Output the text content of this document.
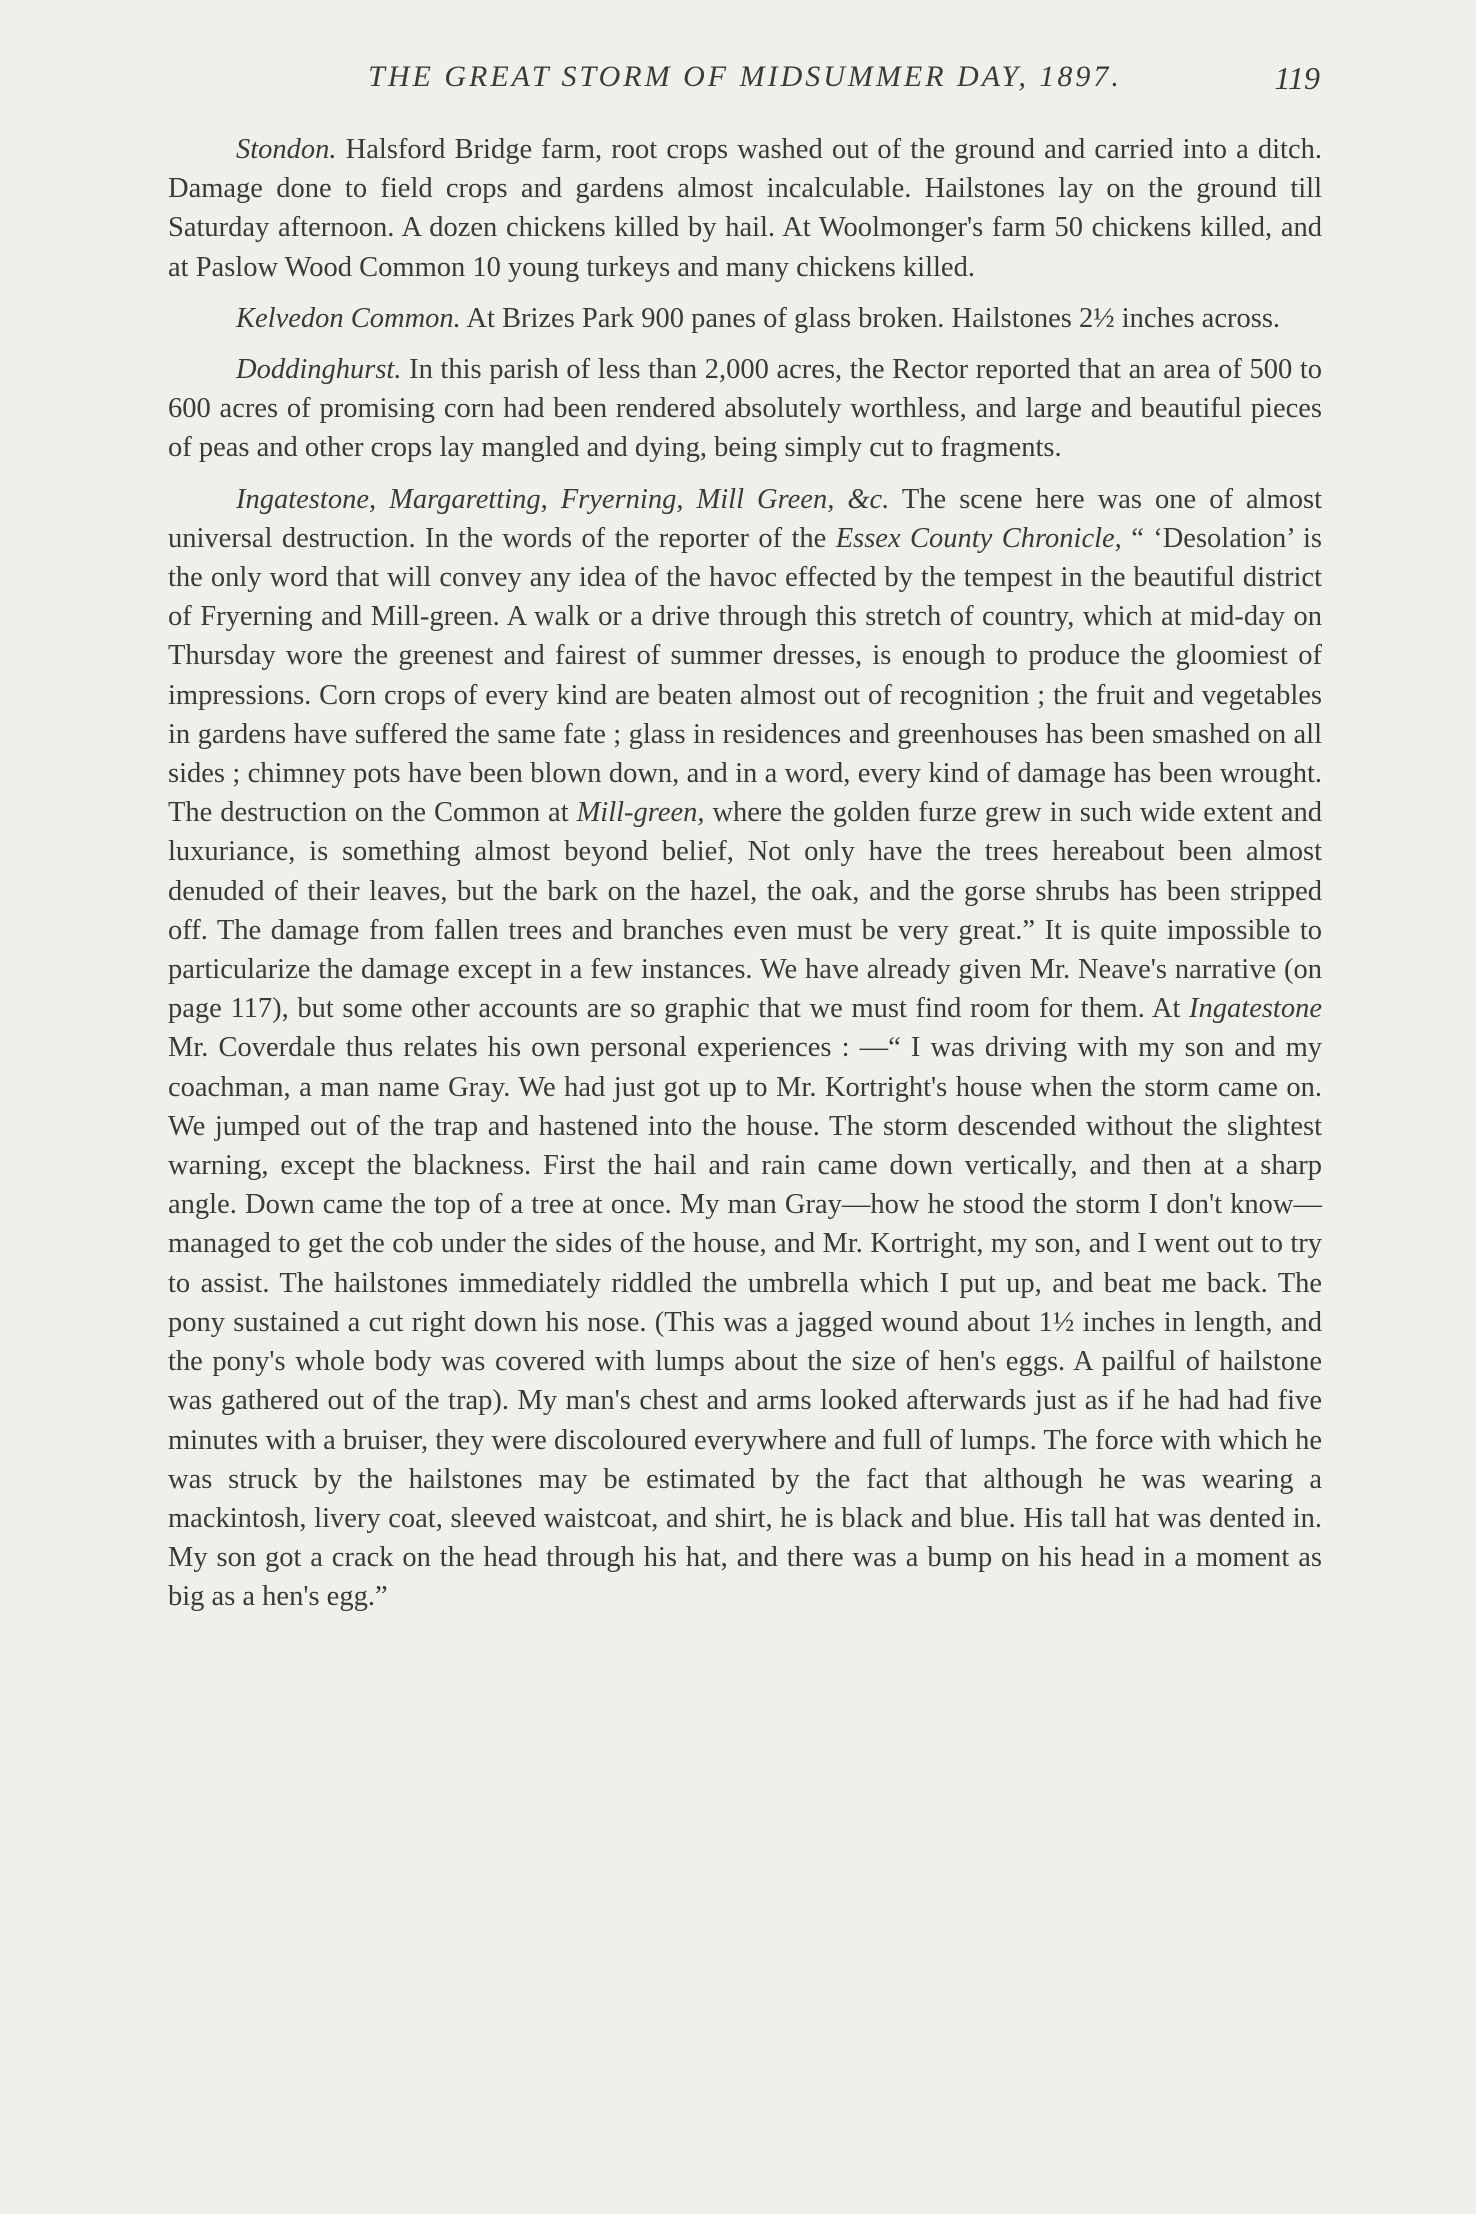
THE GREAT STORM OF MIDSUMMER DAY, 1897.	119

Stondon. Halsford Bridge farm, root crops washed out of the ground and carried into a ditch. Damage done to field crops and gardens almost incalculable. Hailstones lay on the ground till Saturday afternoon. A dozen chickens killed by hail. At Woolmonger's farm 50 chickens killed, and at Paslow Wood Common 10 young turkeys and many chickens killed.

Kelvedon Common. At Brizes Park 900 panes of glass broken. Hailstones 2½ inches across.

Doddinghurst. In this parish of less than 2,000 acres, the Rector reported that an area of 500 to 600 acres of promising corn had been rendered absolutely worthless, and large and beautiful pieces of peas and other crops lay mangled and dying, being simply cut to fragments.

Ingatestone, Margaretting, Fryerning, Mill Green, &c. The scene here was one of almost universal destruction. In the words of the reporter of the Essex County Chronicle, “ ‘Desolation’ is the only word that will convey any idea of the havoc effected by the tempest in the beautiful district of Fryerning and Mill-green. A walk or a drive through this stretch of country, which at mid-day on Thursday wore the greenest and fairest of summer dresses, is enough to produce the gloomiest of impressions. Corn crops of every kind are beaten almost out of recognition ; the fruit and vegetables in gardens have suffered the same fate ; glass in residences and greenhouses has been smashed on all sides ; chimney pots have been blown down, and in a word, every kind of damage has been wrought. The destruction on the Common at Mill-green, where the golden furze grew in such wide extent and luxuriance, is something almost beyond belief, Not only have the trees hereabout been almost denuded of their leaves, but the bark on the hazel, the oak, and the gorse shrubs has been stripped off. The damage from fallen trees and branches even must be very great.” It is quite impossible to particularize the damage except in a few instances. We have already given Mr. Neave's narrative (on page 117), but some other accounts are so graphic that we must find room for them. At Ingatestone Mr. Coverdale thus relates his own personal experiences : —“ I was driving with my son and my coachman, a man name Gray. We had just got up to Mr. Kortright's house when the storm came on. We jumped out of the trap and hastened into the house. The storm descended without the slightest warning, except the blackness. First the hail and rain came down vertically, and then at a sharp angle. Down came the top of a tree at once. My man Gray—how he stood the storm I don't know—managed to get the cob under the sides of the house, and Mr. Kortright, my son, and I went out to try to assist. The hailstones immediately riddled the umbrella which I put up, and beat me back. The pony sustained a cut right down his nose. (This was a jagged wound about 1½ inches in length, and the pony's whole body was covered with lumps about the size of hen's eggs. A pailful of hailstone was gathered out of the trap). My man's chest and arms looked afterwards just as if he had had five minutes with a bruiser, they were discoloured everywhere and full of lumps. The force with which he was struck by the hailstones may be estimated by the fact that although he was wearing a mackintosh, livery coat, sleeved waistcoat, and shirt, he is black and blue. His tall hat was dented in. My son got a crack on the head through his hat, and there was a bump on his head in a moment as big as a hen's egg.”
